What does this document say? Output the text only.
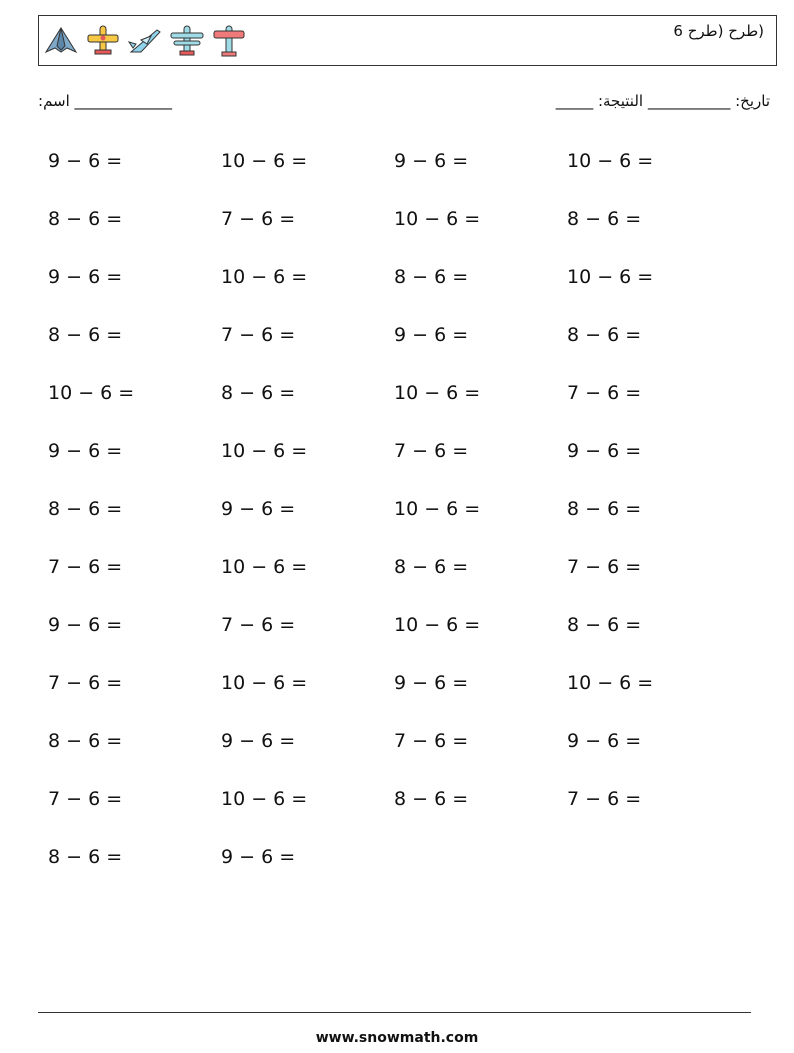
(طرح (طرح 6
:اسم _____________	_____ :تاريخ: ___________ النتيجة
9 − 6 =	10 − 6 =	9 − 6 =	10 − 6 =
8 − 6 =	7 − 6 =	10 − 6 =	8 − 6 =
9 − 6 =	10 − 6 =	8 − 6 =	10 − 6 =
8 − 6 =	7 − 6 =	9 − 6 =	8 − 6 =
10 − 6 =	8 − 6 =	10 − 6 =	7 − 6 =
9 − 6 =	10 − 6 =	7 − 6 =	9 − 6 =
8 − 6 =	9 − 6 =	10 − 6 =	8 − 6 =
7 − 6 =	10 − 6 =	8 − 6 =	7 − 6 =
9 − 6 =	7 − 6 =	10 − 6 =	8 − 6 =
7 − 6 =	10 − 6 =	9 − 6 =	10 − 6 =
8 − 6 =	9 − 6 =	7 − 6 =	9 − 6 =
7 − 6 =	10 − 6 =	8 − 6 =	7 − 6 =
8 − 6 =	9 − 6 =
www.snowmath.com
